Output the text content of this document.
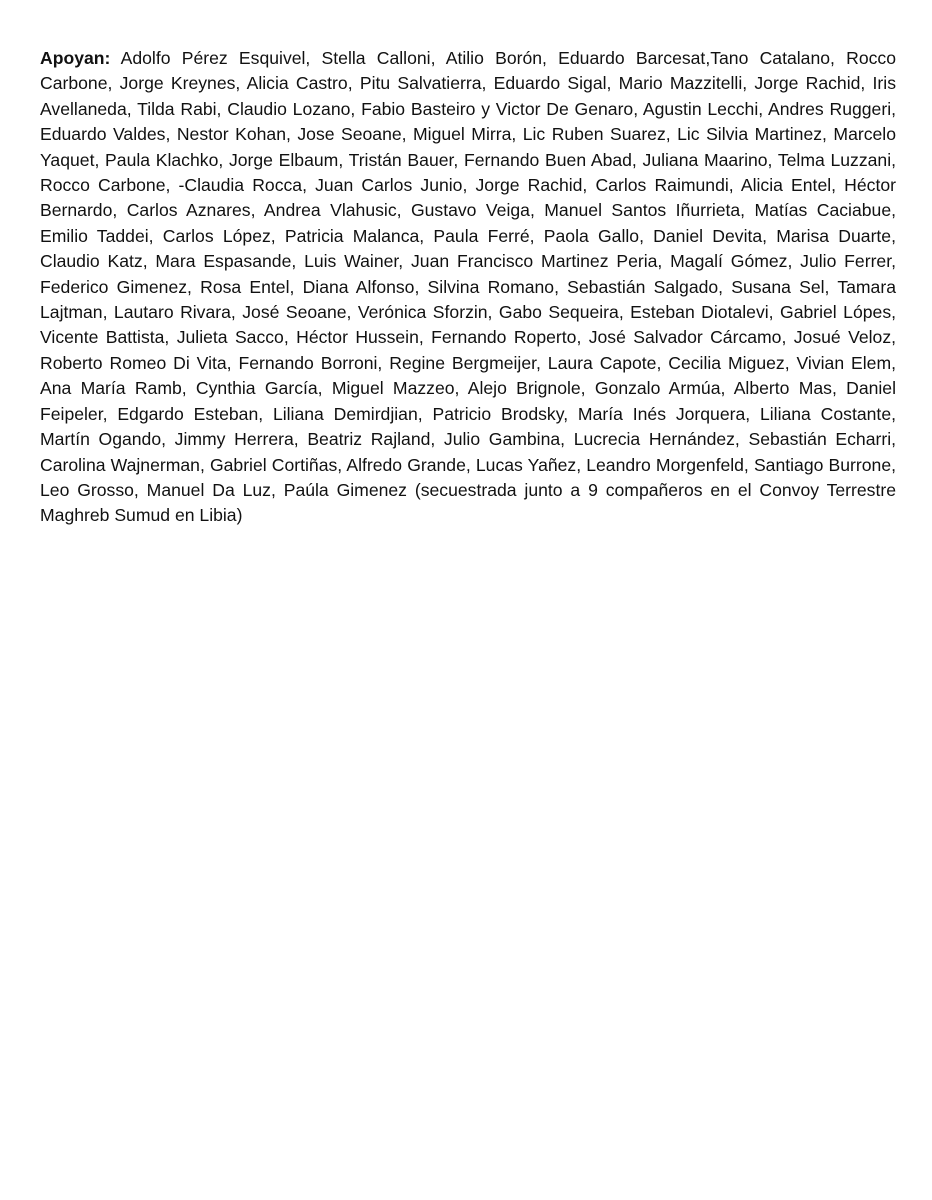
Apoyan: Adolfo Pérez Esquivel, Stella Calloni, Atilio Borón, Eduardo Barcesat,Tano Catalano, Rocco Carbone, Jorge Kreynes, Alicia Castro, Pitu Salvatierra, Eduardo Sigal, Mario Mazzitelli, Jorge Rachid, Iris Avellaneda, Tilda Rabi, Claudio Lozano, Fabio Basteiro y Victor De Genaro, Agustin Lecchi, Andres Ruggeri, Eduardo Valdes, Nestor Kohan, Jose Seoane, Miguel Mirra, Lic Ruben Suarez, Lic Silvia Martinez, Marcelo Yaquet, Paula Klachko, Jorge Elbaum, Tristán Bauer, Fernando Buen Abad, Juliana Maarino, Telma Luzzani, Rocco Carbone, -Claudia Rocca, Juan Carlos Junio, Jorge Rachid, Carlos Raimundi, Alicia Entel, Héctor Bernardo, Carlos Aznares, Andrea Vlahusic, Gustavo Veiga, Manuel Santos Iñurrieta, Matías Caciabue, Emilio Taddei, Carlos López, Patricia Malanca, Paula Ferré, Paola Gallo, Daniel Devita, Marisa Duarte, Claudio Katz, Mara Espasande, Luis Wainer, Juan Francisco Martinez Peria, Magalí Gómez, Julio Ferrer, Federico Gimenez, Rosa Entel, Diana Alfonso, Silvina Romano, Sebastián Salgado, Susana Sel, Tamara Lajtman, Lautaro Rivara, José Seoane, Verónica Sforzin, Gabo Sequeira, Esteban Diotalevi, Gabriel Lópes, Vicente Battista, Julieta Sacco, Héctor Hussein, Fernando Roperto, José Salvador Cárcamo, Josué Veloz, Roberto Romeo Di Vita, Fernando Borroni, Regine Bergmeijer, Laura Capote, Cecilia Miguez, Vivian Elem, Ana María Ramb, Cynthia García, Miguel Mazzeo, Alejo Brignole, Gonzalo Armúa, Alberto Mas, Daniel Feipeler, Edgardo Esteban, Liliana Demirdjian, Patricio Brodsky, María Inés Jorquera, Liliana Costante, Martín Ogando, Jimmy Herrera, Beatriz Rajland, Julio Gambina, Lucrecia Hernández, Sebastián Echarri, Carolina Wajnerman, Gabriel Cortiñas, Alfredo Grande, Lucas Yañez, Leandro Morgenfeld, Santiago Burrone, Leo Grosso, Manuel Da Luz, Paúla Gimenez (secuestrada junto a 9 compañeros en el Convoy Terrestre Maghreb Sumud en Libia)
